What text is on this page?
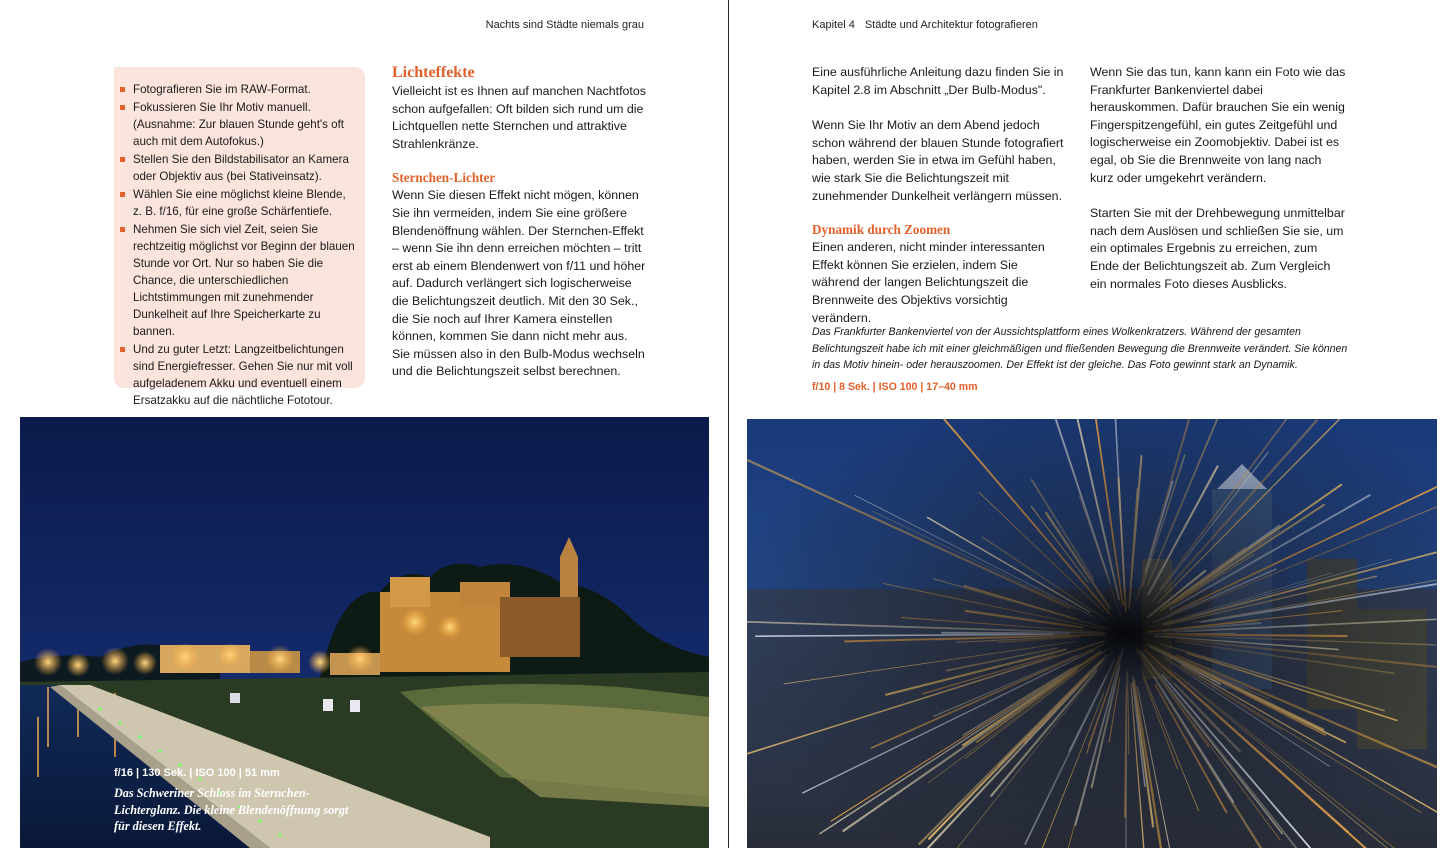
Nachts sind Städte niemals grau
Fotografieren Sie im RAW-Format.
Fokussieren Sie Ihr Motiv manuell. (Ausnahme: Zur blauen Stunde geht's oft auch mit dem Autofokus.)
Stellen Sie den Bildstabilisator an Kamera oder Objektiv aus (bei Stativeinsatz).
Wählen Sie eine möglichst kleine Blende, z. B. f/16, für eine große Schärfentiefe.
Nehmen Sie sich viel Zeit, seien Sie rechtzeitig möglichst vor Beginn der blauen Stunde vor Ort. Nur so haben Sie die Chance, die unterschiedlichen Lichtstimmungen mit zunehmender Dunkelheit auf Ihre Speicherkarte zu bannen.
Und zu guter Letzt: Langzeitbelichtungen sind Energiefresser. Gehen Sie nur mit voll aufgeladenem Akku und eventuell einem Ersatzakku auf die nächtliche Fototour.
Lichteffekte

Vielleicht ist es Ihnen auf manchen Nachtfotos schon aufgefallen: Oft bilden sich rund um die Lichtquellen nette Sternchen und attraktive Strahlenkränze.

Sternchen-Lichter

Wenn Sie diesen Effekt nicht mögen, können Sie ihn vermeiden, indem Sie eine größere Blendenöffnung wählen. Der Sternchen-Effekt – wenn Sie ihn denn erreichen möchten – tritt erst ab einem Blendenwert von f/11 und höher auf. Dadurch verlängert sich logischerweise die Belichtungszeit deutlich. Mit den 30 Sek., die Sie noch auf Ihrer Kamera einstellen können, kommen Sie dann nicht mehr aus. Sie müssen also in den Bulb-Modus wechseln und die Belichtungszeit selbst berechnen.

f/16 | 130 Sek. | ISO 100 | 51 mm
Das Schweriner Schloss im Sternchen-Lichterglanz. Die kleine Blendenöffnung sorgt für diesen Effekt.
Kapitel 4 Städte und Architektur fotografieren

Eine ausführliche Anleitung dazu finden Sie in Kapitel 2.8 im Abschnitt „Der Bulb-Modus".

Wenn Sie Ihr Motiv an dem Abend jedoch schon während der blauen Stunde fotografiert haben, werden Sie in etwa im Gefühl haben, wie stark Sie die Belichtungszeit mit zunehmender Dunkelheit verlängern müssen.

Dynamik durch Zoomen

Einen anderen, nicht minder interessanten Effekt können Sie erzielen, indem Sie während der langen Belichtungszeit die Brennweite des Objektivs vorsichtig verändern.

Wenn Sie das tun, kann kann ein Foto wie das Frankfurter Bankenviertel dabei herauskommen. Dafür brauchen Sie ein wenig Fingerspitzengefühl, ein gutes Zeitgefühl und logischerweise ein Zoomobjektiv. Dabei ist es egal, ob Sie die Brennweite von lang nach kurz oder umgekehrt verändern.

Starten Sie mit der Drehbewegung unmittelbar nach dem Auslösen und schließen Sie sie, um ein optimales Ergebnis zu erreichen, zum Ende der Belichtungszeit ab. Zum Vergleich ein normales Foto dieses Ausblicks.

Das Frankfurter Bankenviertel von der Aussichtsplattform eines Wolkenkratzers. Während der gesamten Belichtungszeit habe ich mit einer gleichmäßigen und fließenden Bewegung die Brennweite verändert. Sie können in das Motiv hinein- oder herauszoomen. Der Effekt ist der gleiche. Das Foto gewinnt stark an Dynamik.
f/10 | 8 Sek. | ISO 100 | 17–40 mm
